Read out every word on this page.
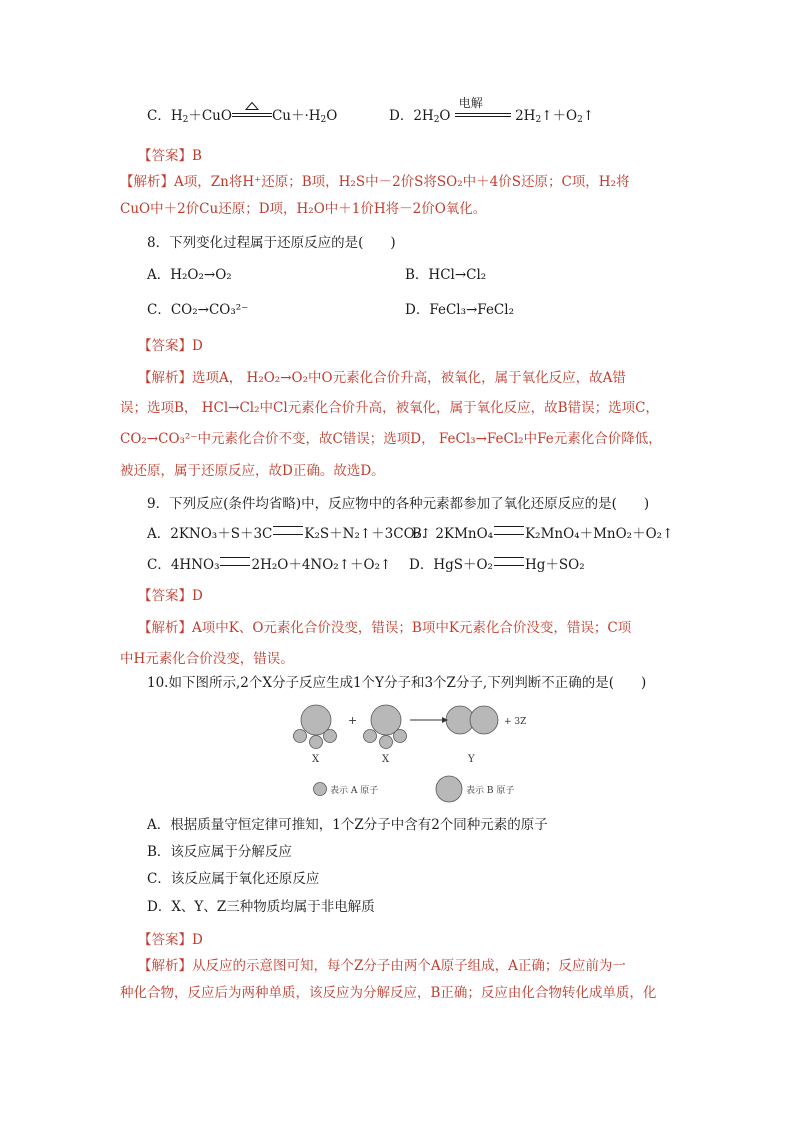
C．$H_2+CuO$	$Cu+\cdot H_2O$	D．$2H_2O$
电解
$2H_2↑+O_2↑$
【答案】B
【解析】A项，Zn将H⁺还原；B项，H₂S中－2价S将SO₂中＋4价S还原；C项，H₂将
CuO中＋2价Cu还原；D项，H₂O中＋1价H将－2价O氧化。
8．下列变化过程属于还原反应的是(　　)
A．H₂O₂→O₂	B．HCl→Cl₂
C．CO₂→CO₃²⁻	D．FeCl₃→FeCl₂
【答案】D
【解析】选项A， H₂O₂→O₂中O元素化合价升高，被氧化，属于氧化反应，故A错
误；选项B， HCl→Cl₂中Cl元素化合价升高，被氧化，属于氧化反应，故B错误；选项C，
CO₂→CO₃²⁻中元素化合价不变，故C错误；选项D， FeCl₃→FeCl₂中Fe元素化合价降低，
被还原，属于还原反应，故D正确。故选D。
9．下列反应(条件均省略)中，反应物中的各种元素都参加了氧化还原反应的是(　　)
A．2KNO₃＋S＋3C K₂S＋N₂↑＋3CO₂↑
B．2KMnO₄ K₂MnO₄＋MnO₂＋O₂↑
C．4HNO₃ 2H₂O＋4NO₂↑＋O₂↑ D．HgS＋O₂ Hg＋SO₂
【答案】D
【解析】A项中K、O元素化合价没变，错误；B项中K元素化合价没变，错误；C项
中H元素化合价没变，错误。
10.如下图所示,2个X分子反应生成1个Y分子和3个Z分子,下列判断不正确的是(　　)
+	+ 3Z
X	X	Y
表示 A 原子	表示 B 原子
A．根据质量守恒定律可推知，1个Z分子中含有2个同种元素的原子
B．该反应属于分解反应
C．该反应属于氧化还原反应
D．X、Y、Z三种物质均属于非电解质
【答案】D
【解析】从反应的示意图可知，每个Z分子由两个A原子组成，A正确；反应前为一
种化合物，反应后为两种单质，该反应为分解反应，B正确；反应由化合物转化成单质，化
